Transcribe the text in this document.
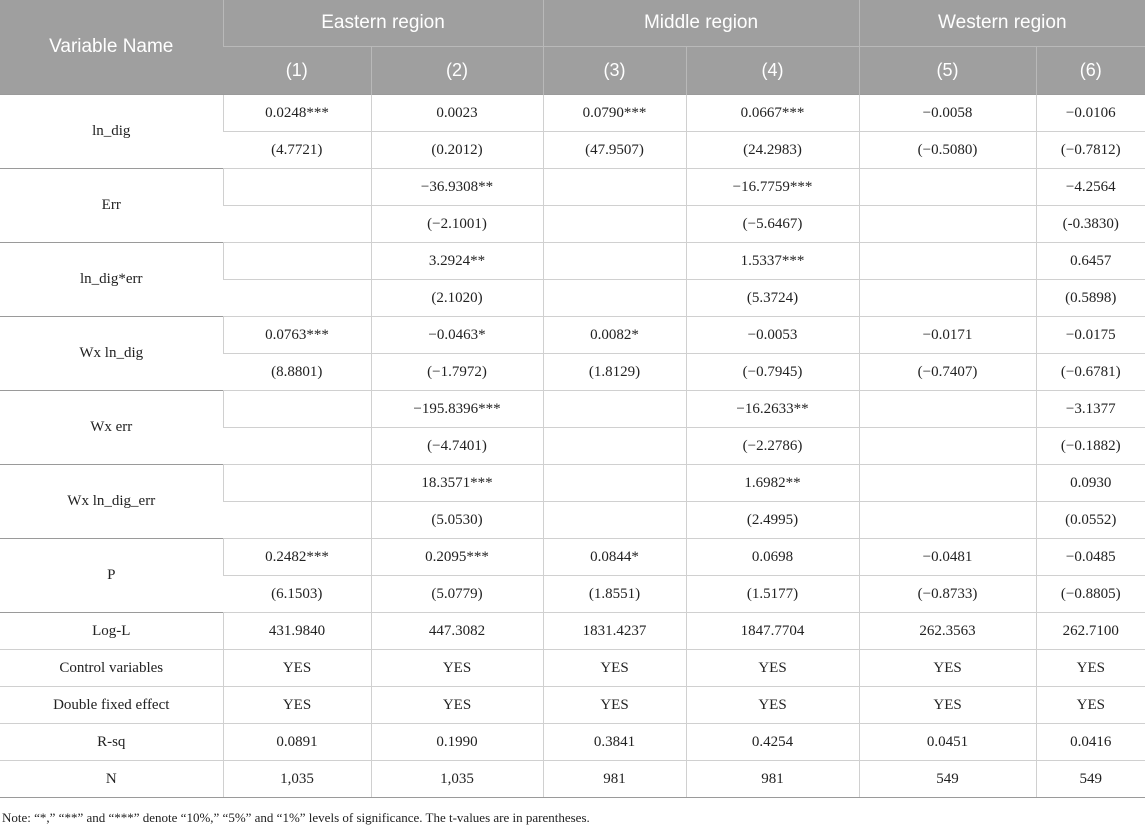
Variable Name	Eastern region		Middle region		Western region	
	(1)	(2)	(3)	(4)	(5)	(6)
ln_dig	0.0248***	0.0023	0.0790***	0.0667***	−0.0058	−0.0106
	(4.7721)	(0.2012)	(47.9507)	(24.2983)	(−0.5080)	(−0.7812)
Err		−36.9308**		−16.7759***		−4.2564
		(−2.1001)		(−5.6467)		(-0.3830)
ln_dig*err		3.2924**		1.5337***		0.6457
		(2.1020)		(5.3724)		(0.5898)
Wx ln_dig	0.0763***	−0.0463*	0.0082*	−0.0053	−0.0171	−0.0175
	(8.8801)	(−1.7972)	(1.8129)	(−0.7945)	(−0.7407)	(−0.6781)
Wx err		−195.8396***		−16.2633**		−3.1377
		(−4.7401)		(−2.2786)		(−0.1882)
Wx ln_dig_err		18.3571***		1.6982**		0.0930
		(5.0530)		(2.4995)		(0.0552)
P	0.2482***	0.2095***	0.0844*	0.0698	−0.0481	−0.0485
	(6.1503)	(5.0779)	(1.8551)	(1.5177)	(−0.8733)	(−0.8805)
Log-L	431.9840	447.3082	1831.4237	1847.7704	262.3563	262.7100
Control variables	YES	YES	YES	YES	YES	YES
Double fixed effect	YES	YES	YES	YES	YES	YES
R-sq	0.0891	0.1990	0.3841	0.4254	0.0451	0.0416
N	1,035	1,035	981	981	549	549
Note: “*,” “**” and “***” denote “10%,” “5%” and “1%” levels of significance. The t-values are in parentheses.
